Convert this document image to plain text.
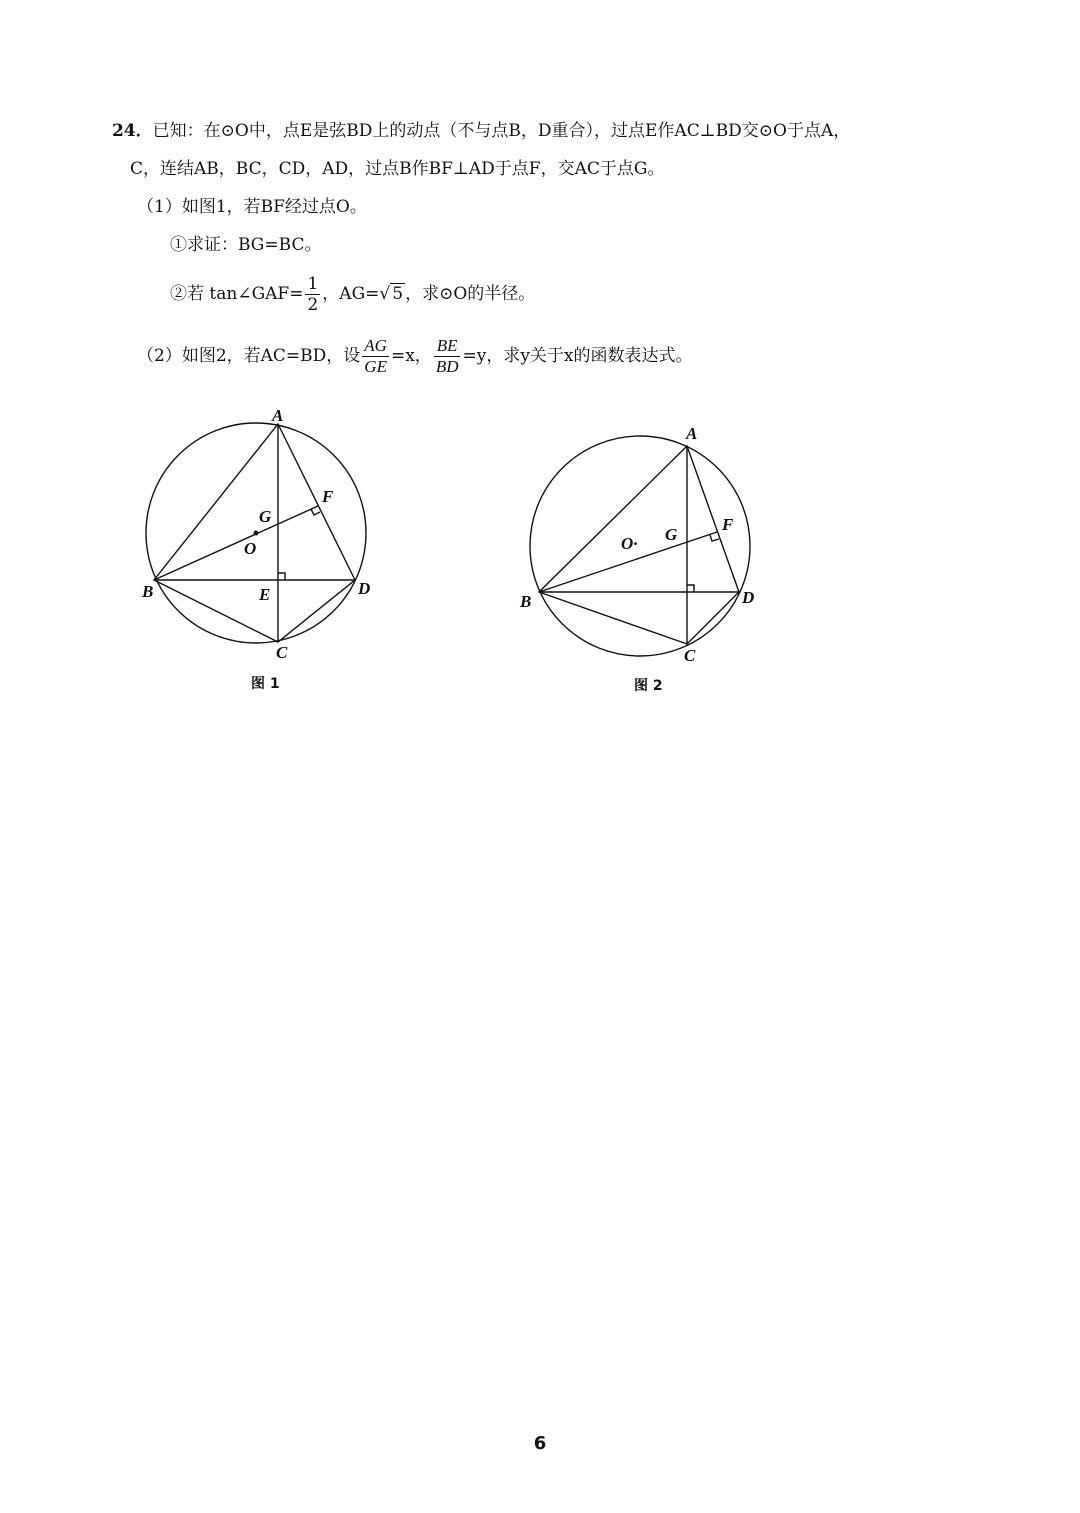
24．已知：在⊙O中，点E是弦BD上的动点（不与点B，D重合），过点E作AC⊥BD交⊙O于点A，
C，连结AB，BC，CD，AD，过点B作BF⊥AD于点F，交AC于点G。
（1）如图1，若BF经过点O。
①求证：BG=BC。
②若 tan∠GAF= $\frac{1}{2}$ ，AG=√ 5 ，求⊙O的半径。
（2）如图2，若AC=BD，设 $\frac{AG}{GE} =x$， $\frac{BE}{BD} =y$，求y关于x的函数表达式。
A
B
C
D
E
F
G
O
图 1
A
B
C
D
F
G
O·
图 2
6
